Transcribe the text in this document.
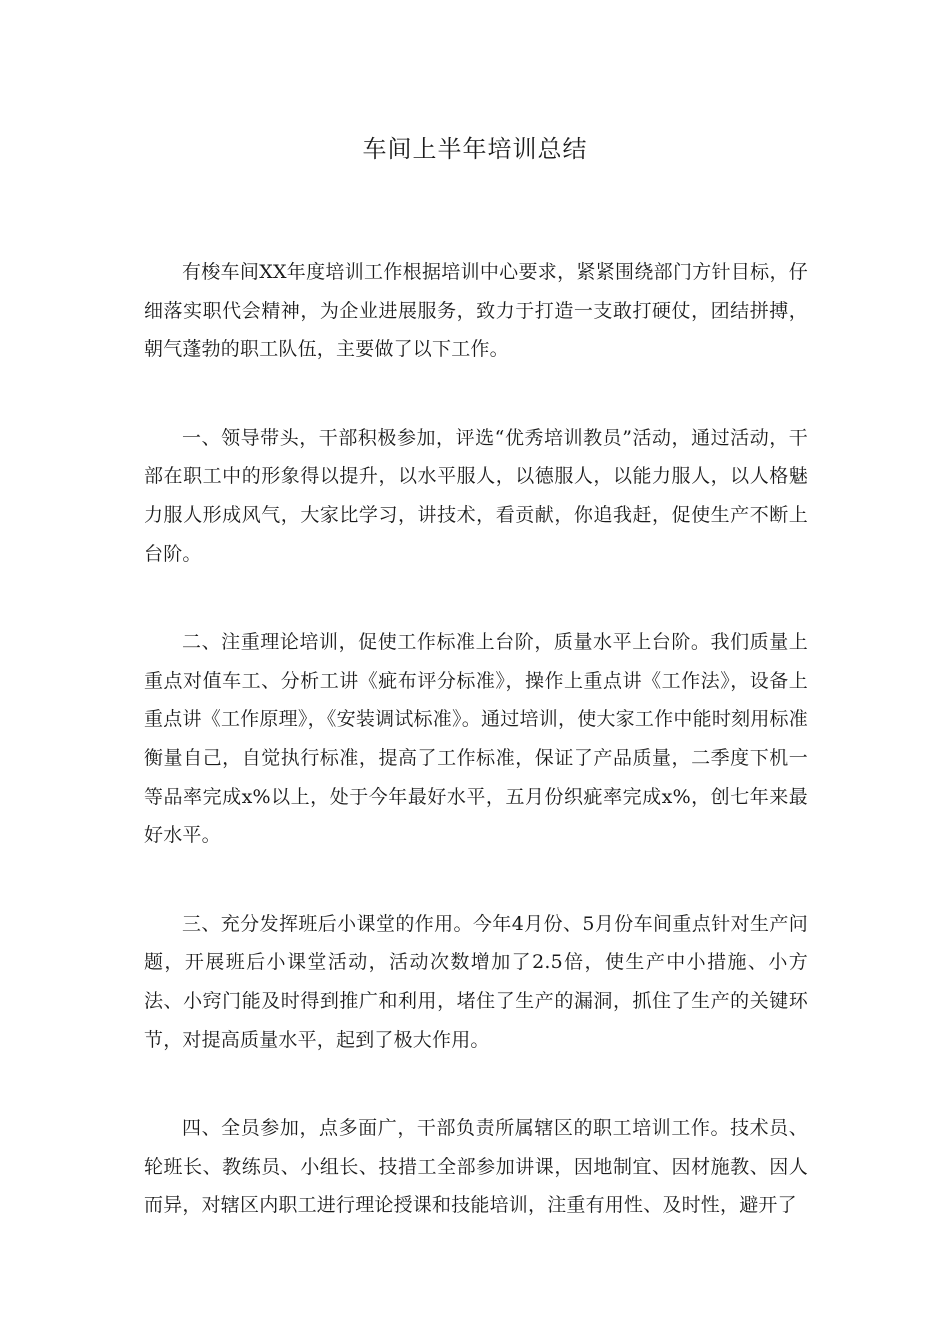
车间上半年培训总结

有梭车间XX年度培训工作根据培训中心要求，紧紧围绕部门方针目标，仔细落实职代会精神，为企业进展服务，致力于打造一支敢打硬仗，团结拼搏，朝气蓬勃的职工队伍，主要做了以下工作。

一、领导带头，干部积极参加，评选“优秀培训教员”活动，通过活动，干部在职工中的形象得以提升，以水平服人，以德服人，以能力服人，以人格魅力服人形成风气，大家比学习，讲技术，看贡献，你追我赶，促使生产不断上台阶。

二、注重理论培训，促使工作标准上台阶，质量水平上台阶。我们质量上重点对值车工、分析工讲《疵布评分标准》，操作上重点讲《工作法》，设备上重点讲《工作原理》，《安装调试标准》。通过培训，使大家工作中能时刻用标准衡量自己，自觉执行标准，提高了工作标准，保证了产品质量，二季度下机一等品率完成x%以上，处于今年最好水平，五月份织疵率完成x%，创七年来最好水平。

三、充分发挥班后小课堂的作用。今年4月份、5月份车间重点针对生产问题，开展班后小课堂活动，活动次数增加了2.5倍，使生产中小措施、小方法、小窍门能及时得到推广和利用，堵住了生产的漏洞，抓住了生产的关键环节，对提高质量水平，起到了极大作用。

四、全员参加，点多面广，干部负责所属辖区的职工培训工作。技术员、轮班长、教练员、小组长、技措工全部参加讲课，因地制宜、因材施教、因人而异，对辖区内职工进行理论授课和技能培训，注重有用性、及时性，避开了
